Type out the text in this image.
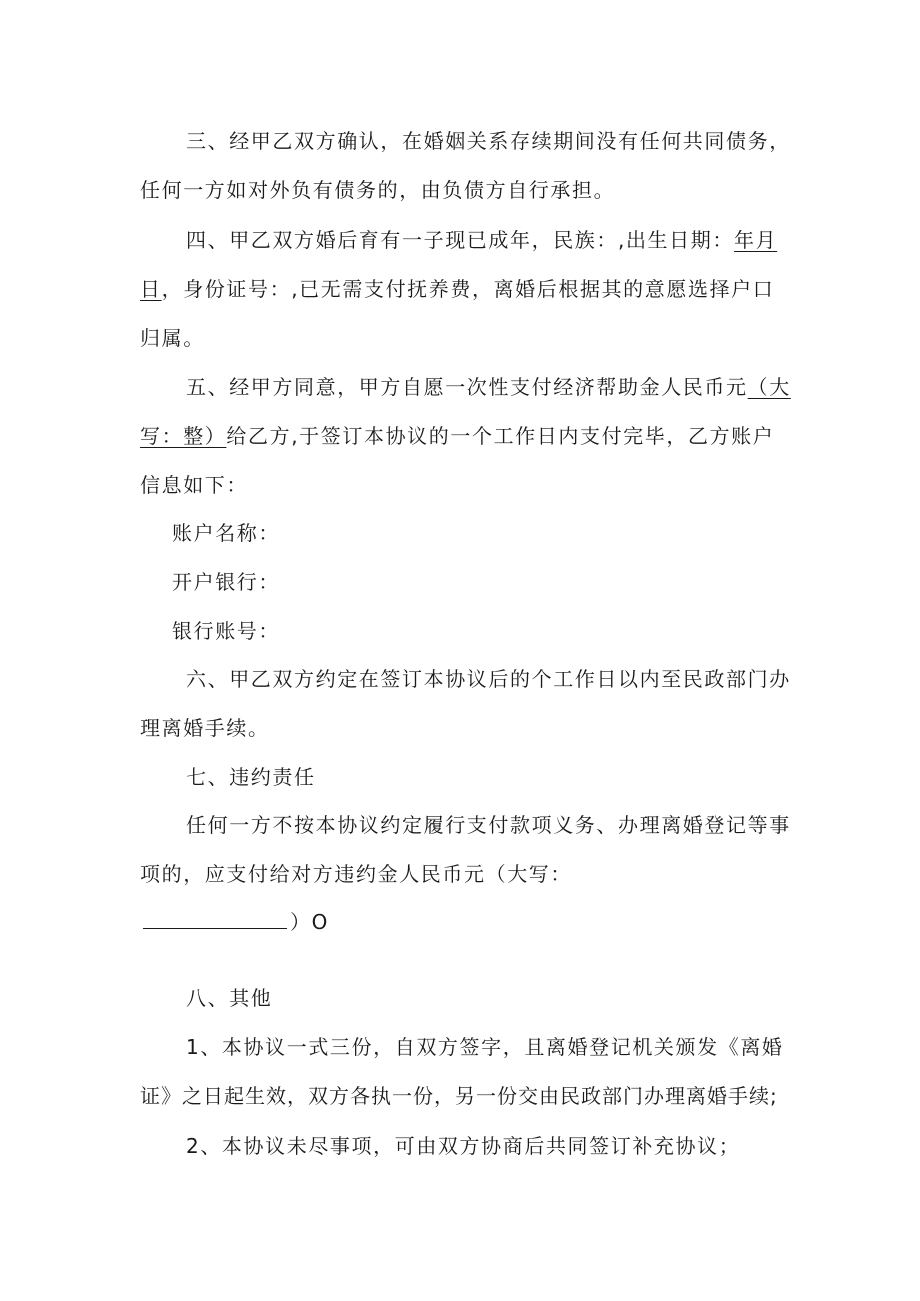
三、经甲乙双方确认，在婚姻关系存续期间没有任何共同债务，
任何一方如对外负有债务的，由负债方自行承担。
四、甲乙双方婚后育有一子现已成年，民族：,出生日期：年月
日，身份证号：,已无需支付抚养费，离婚后根据其的意愿选择户口
归属。
五、经甲方同意，甲方自愿一次性支付经济帮助金人民币元（大
写：整）给乙方,于签订本协议的一个工作日内支付完毕，乙方账户
信息如下：
账户名称：
开户银行：
银行账号：
六、甲乙双方约定在签订本协议后的个工作日以内至民政部门办
理离婚手续。
七、违约责任
任何一方不按本协议约定履行支付款项义务、办理离婚登记等事
项的，应支付给对方违约金人民币元（大写：
）O
八、其他
1、本协议一式三份，自双方签字，且离婚登记机关颁发《离婚
证》之日起生效，双方各执一份，另一份交由民政部门办理离婚手续;
2、本协议未尽事项，可由双方协商后共同签订补充协议；
